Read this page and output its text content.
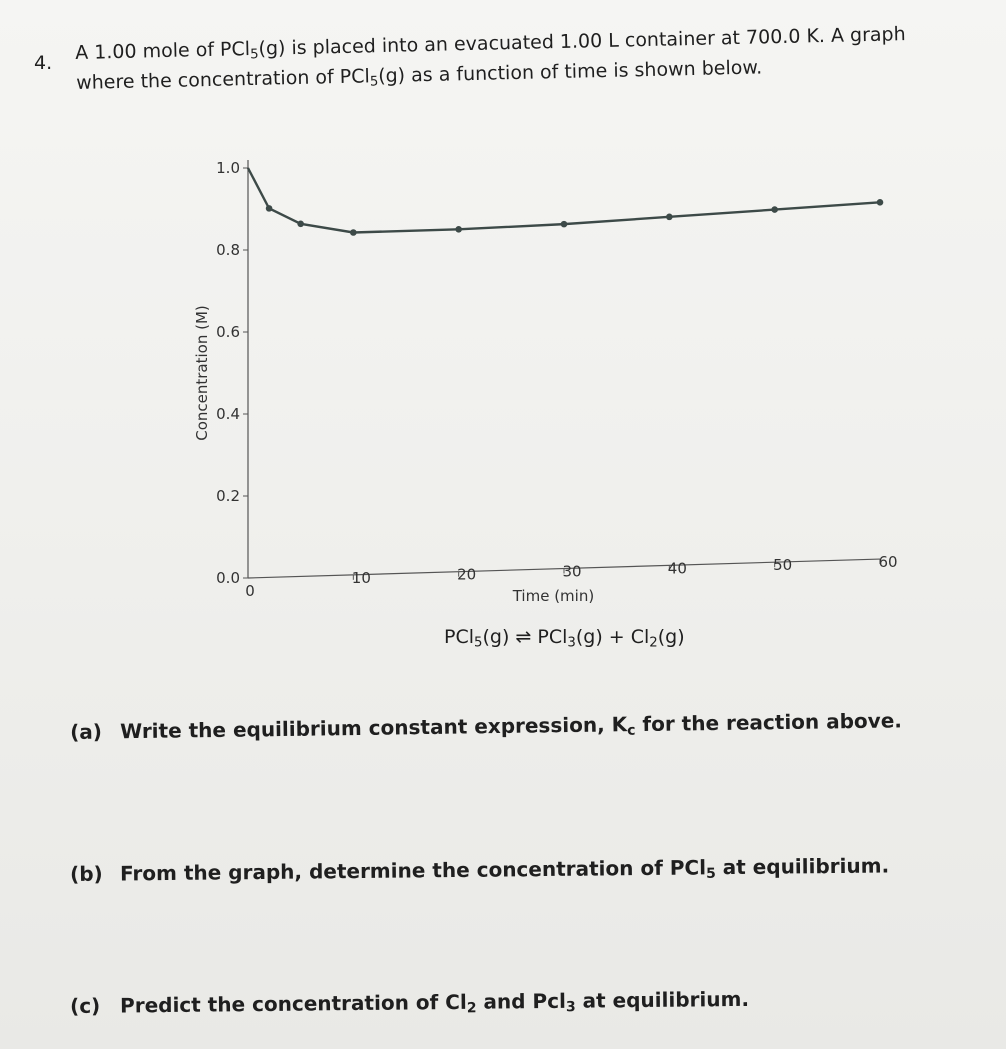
4. A 1.00 mole of PCl$_5$(g) is placed into an evacuated 1.00 L container at 700.0 K. A graph
where the concentration of PCl$_5$(g) as a function of time is shown below.
0.0
0.2
0.4
0.6
0.8
1.0
0
10	20	30	40	50	60
Time (min)
Concentration (M)
PCl$_5$(g) ⇌ $PCl_3(g) + Cl_2(g)$
(a) Write the equilibrium constant expression, $K_c$ for the reaction above.
(b) From the graph, determine the concentration of PCl$_5$ at equilibrium.
(c) Predict the concentration of $Cl_2$ and Pcl$_3$ at equilibrium.
